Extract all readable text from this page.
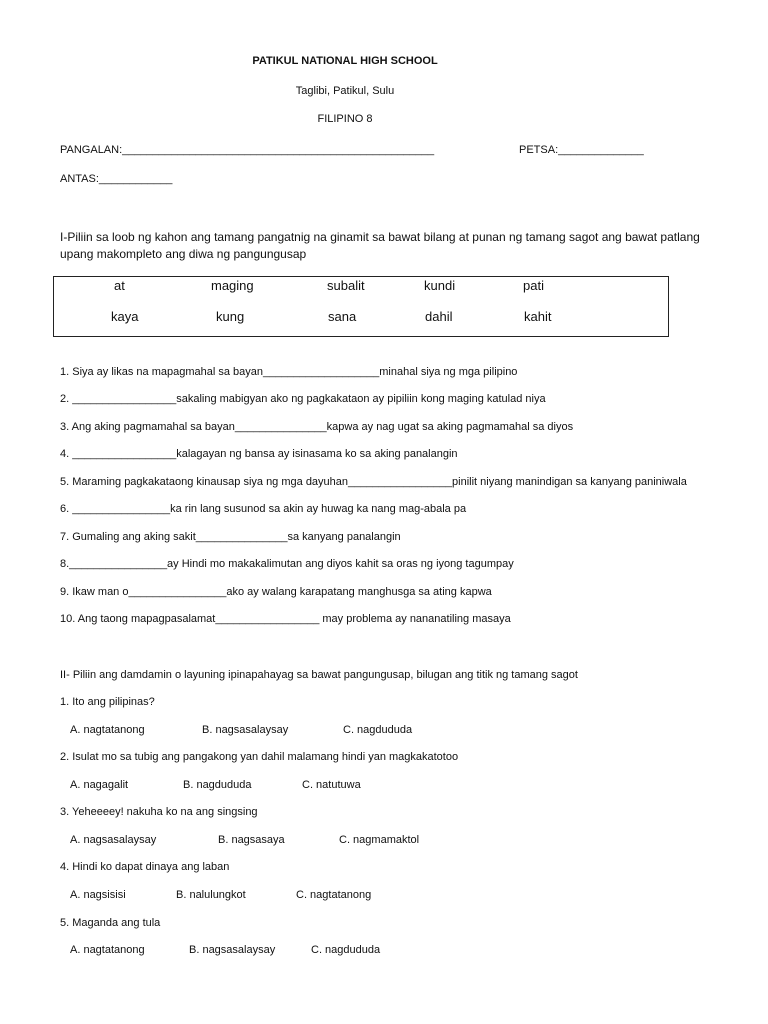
PATIKUL NATIONAL HIGH SCHOOL
Taglibi, Patikul, Sulu
FILIPINO 8
PANGALAN:___________________________________________________	PETSA:______________
ANTAS:____________
I-Piliin sa loob ng kahon ang tamang pangatnig na ginamit sa bawat bilang at punan ng tamang sagot ang bawat patlang
upang makompleto ang diwa ng pangungusap
at	maging	subalit	kundi	pati
kaya	kung	sana	dahil	kahit
1. Siya ay likas na mapagmahal sa bayan___________________minahal siya ng mga pilipino
2. _________________sakaling mabigyan ako ng pagkakataon ay pipiliin kong maging katulad niya
3. Ang aking pagmamahal sa bayan_______________kapwa ay nag ugat sa aking pagmamahal sa diyos
4. _________________kalagayan ng bansa ay isinasama ko sa aking panalangin
5. Maraming pagkakataong kinausap siya ng mga dayuhan_________________pinilit niyang manindigan sa kanyang paniniwala
6. ________________ka rin lang susunod sa akin ay huwag ka nang mag-abala pa
7. Gumaling ang aking sakit_______________sa kanyang panalangin
8.________________ay Hindi mo makakalimutan ang diyos kahit sa oras ng iyong tagumpay
9. Ikaw man o________________ako ay walang karapatang manghusga sa ating kapwa
10. Ang taong mapagpasalamat_________________ may problema ay nananatiling masaya
II- Piliin ang damdamin o layuning ipinapahayag sa bawat pangungusap, bilugan ang titik ng tamang sagot
1. Ito ang pilipinas?
A. nagtatanong	B. nagsasalaysay	C. nagdududa
2. Isulat mo sa tubig ang pangakong yan dahil malamang hindi yan magkakatotoo
A. nagagalit	B. nagdududa	C. natutuwa
3. Yeheeeey! nakuha ko na ang singsing
A. nagsasalaysay	B. nagsasaya	C. nagmamaktol
4. Hindi ko dapat dinaya ang laban
A. nagsisisi	B. nalulungkot	C. nagtatanong
5. Maganda ang tula
A. nagtatanong	B. nagsasalaysay	C. nagdududa
